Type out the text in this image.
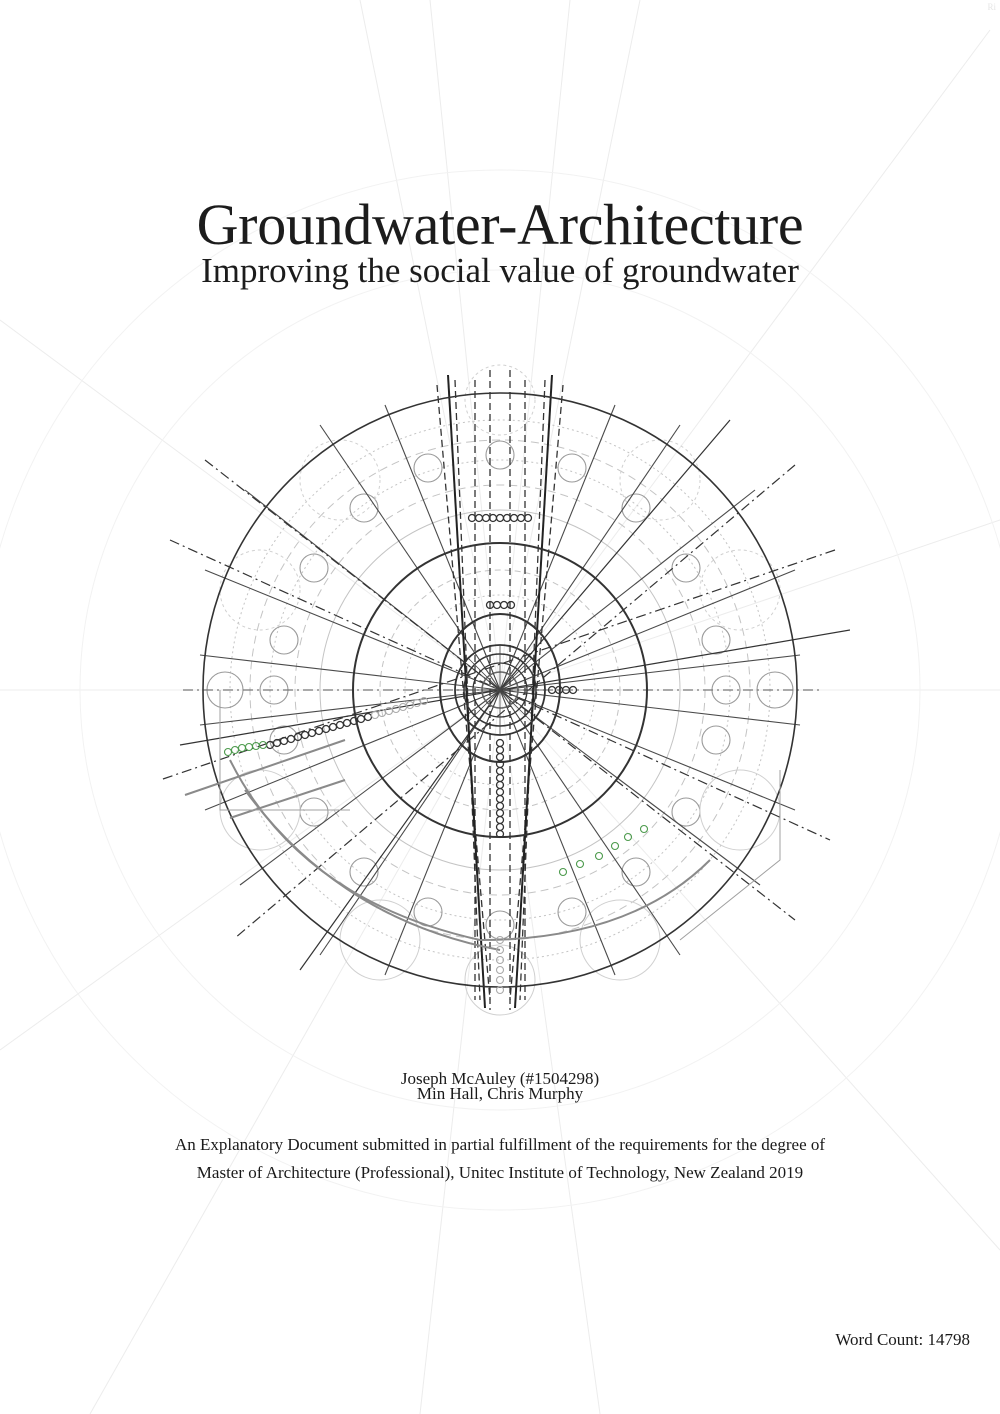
Ri
Groundwater-Architecture
Improving the social value of groundwater
Joseph McAuley (#1504298)
Min Hall, Chris Murphy
An Explanatory Document submitted in partial fulfillment of the requirements for the degree of
Master of Architecture (Professional), Unitec Institute of Technology, New Zealand 2019
Word Count: 14798
